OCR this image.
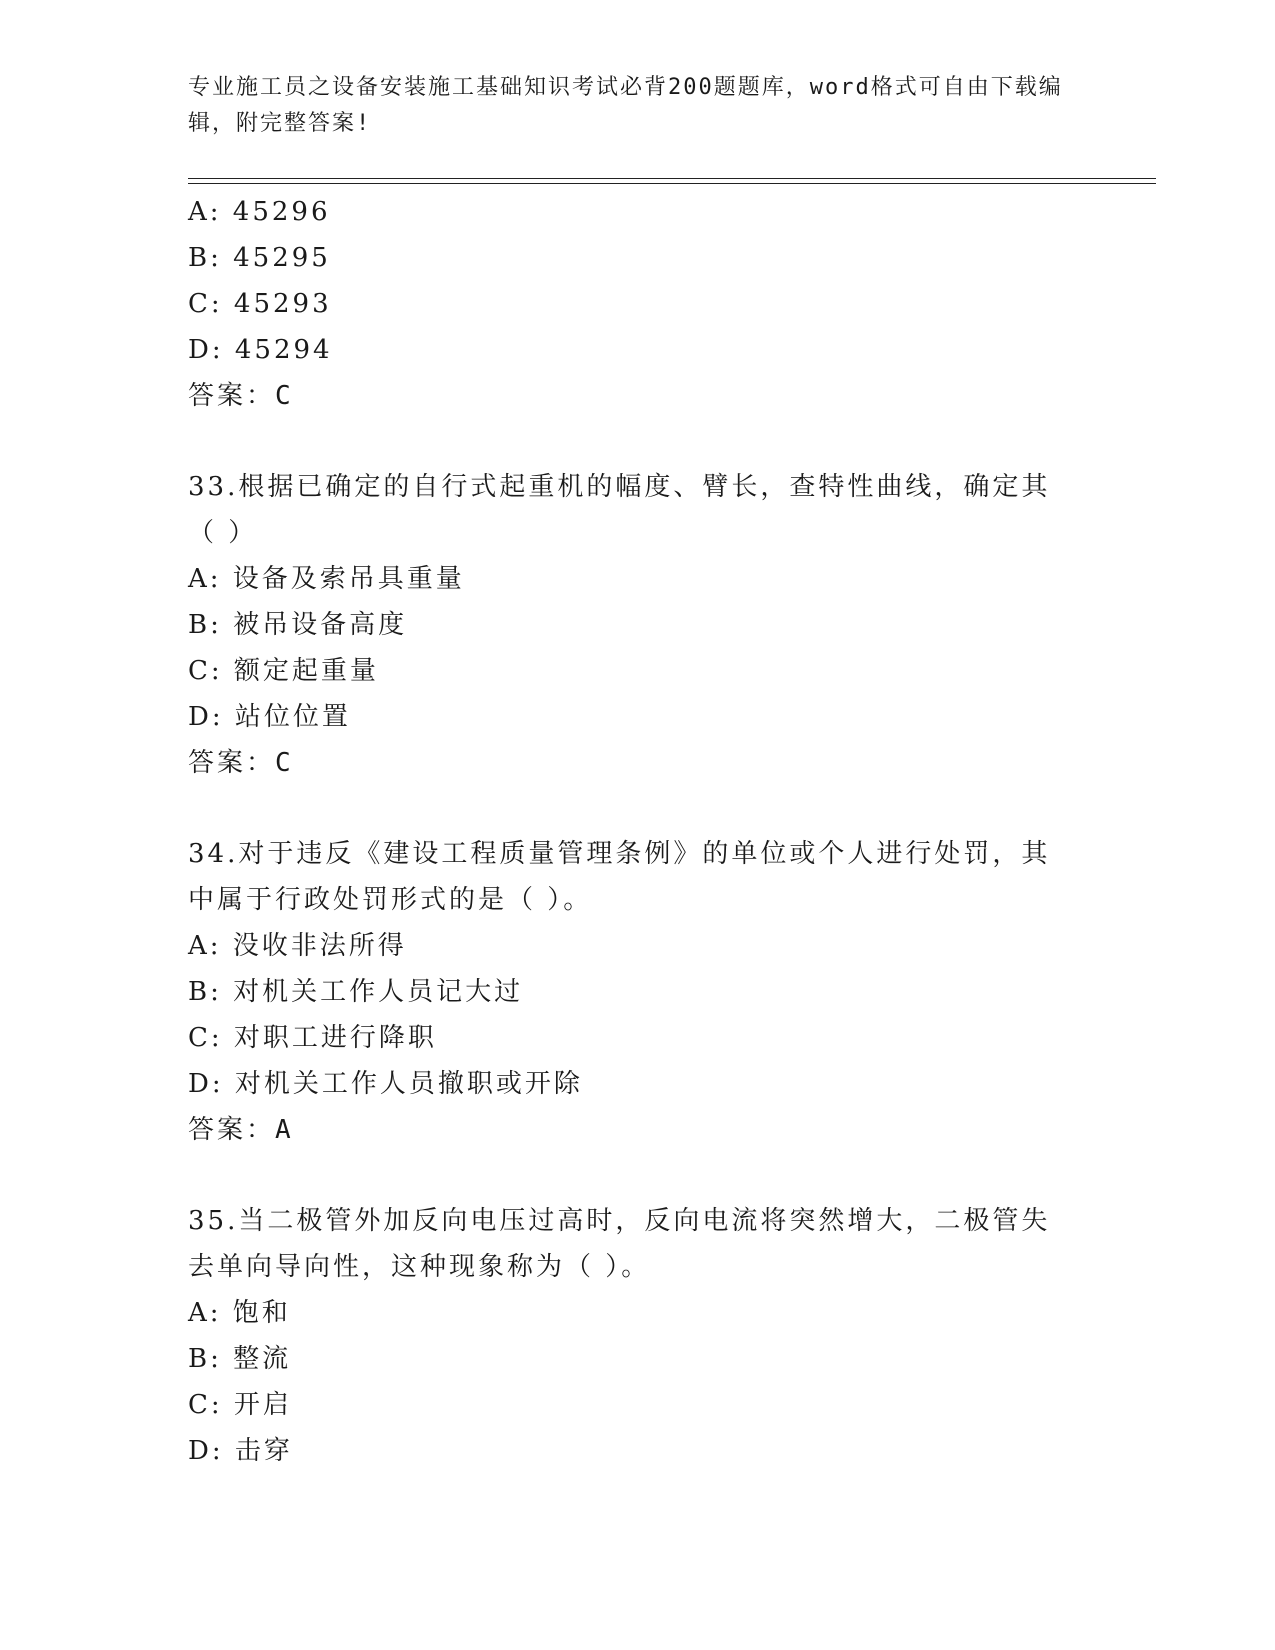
专业施工员之设备安装施工基础知识考试必背200题题库，word格式可自由下载编辑，附完整答案!
A: 45296
B: 45295
C: 45293
D: 45294
答案：C
33.根据已确定的自行式起重机的幅度、臂长，查特性曲线，确定其（ ）
A: 设备及索吊具重量
B: 被吊设备高度
C: 额定起重量
D: 站位位置
答案：C
34.对于违反《建设工程质量管理条例》的单位或个人进行处罚，其中属于行政处罚形式的是（ ）。
A: 没收非法所得
B: 对机关工作人员记大过
C: 对职工进行降职
D: 对机关工作人员撤职或开除
答案：A
35.当二极管外加反向电压过高时，反向电流将突然增大，二极管失去单向导向性，这种现象称为（ ）。
A: 饱和
B: 整流
C: 开启
D: 击穿
